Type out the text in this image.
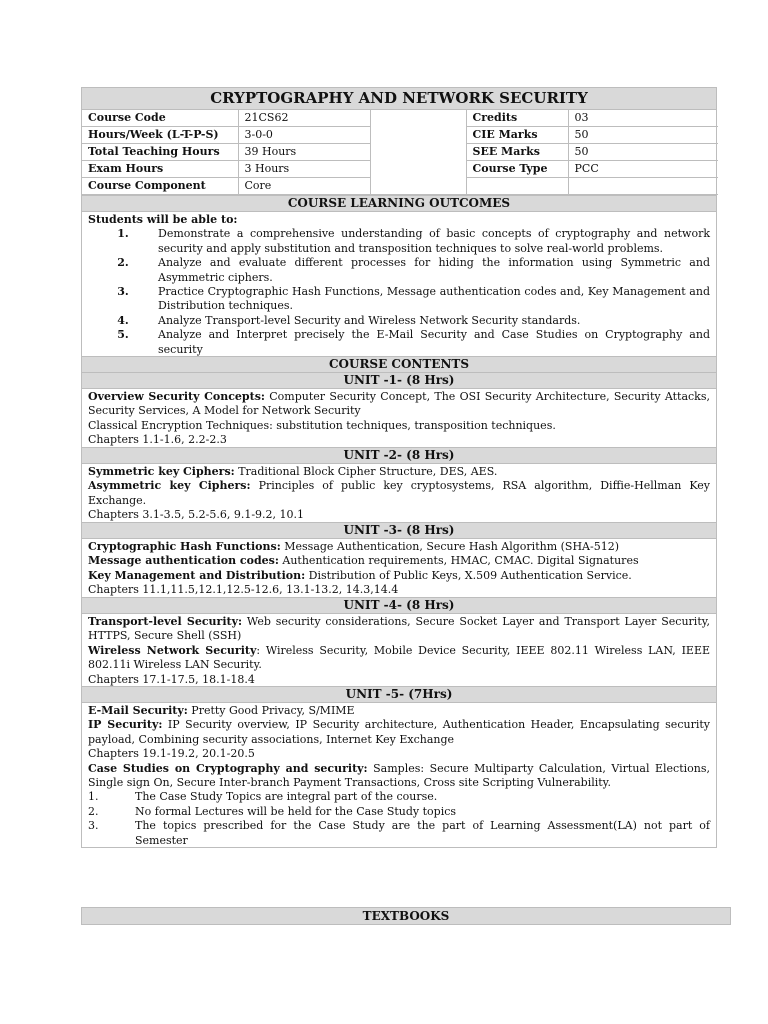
CRYPTOGRAPHY AND NETWORK SECURITY
Course Code	21CS62		Credits	03
Hours/Week (L-T-P-S)	3-0-0		CIE Marks	50
Total Teaching Hours	39 Hours		SEE Marks	50
Exam Hours	3 Hours		Course Type	PCC
Course Component	Core			
COURSE LEARNING OUTCOMES
Students will be able to:
1.	Demonstrate a comprehensive understanding of basic concepts of cryptography and network security and apply substitution and transposition techniques to solve real-world problems.
2.	Analyze and evaluate different processes for hiding the information using Symmetric and Asymmetric ciphers.
3.	Practice Cryptographic Hash Functions, Message authentication codes and, Key Management and Distribution techniques.
4.	Analyze Transport-level Security and Wireless Network Security standards.
5.	Analyze and Interpret precisely the E-Mail Security and Case Studies on Cryptography and security
COURSE CONTENTS
UNIT -1- (8 Hrs)
Overview Security Concepts: Computer Security Concept, The OSI Security Architecture, Security Attacks, Security Services, A Model for Network Security
Classical Encryption Techniques: substitution techniques, transposition techniques.
Chapters 1.1-1.6, 2.2-2.3
UNIT -2- (8 Hrs)
Symmetric key Ciphers: Traditional Block Cipher Structure, DES, AES.
Asymmetric key Ciphers: Principles of public key cryptosystems, RSA algorithm, Diffie-Hellman Key Exchange.
Chapters 3.1-3.5, 5.2-5.6, 9.1-9.2, 10.1
UNIT -3- (8 Hrs)
Cryptographic Hash Functions: Message Authentication, Secure Hash Algorithm (SHA-512)
Message authentication codes: Authentication requirements, HMAC, CMAC. Digital Signatures
Key Management and Distribution: Distribution of Public Keys, X.509 Authentication Service.
Chapters 11.1,11.5,12.1,12.5-12.6, 13.1-13.2, 14.3,14.4
UNIT -4- (8 Hrs)
Transport-level Security: Web security considerations, Secure Socket Layer and Transport Layer Security, HTTPS, Secure Shell (SSH)
Wireless Network Security: Wireless Security, Mobile Device Security, IEEE 802.11 Wireless LAN, IEEE 802.11i Wireless LAN Security.
Chapters 17.1-17.5, 18.1-18.4
UNIT -5- (7Hrs)
E-Mail Security: Pretty Good Privacy, S/MIME
IP Security: IP Security overview, IP Security architecture, Authentication Header, Encapsulating security payload, Combining security associations, Internet Key Exchange
Chapters 19.1-19.2, 20.1-20.5
Case Studies on Cryptography and security: Samples: Secure Multiparty Calculation, Virtual Elections, Single sign On, Secure Inter-branch Payment Transactions, Cross site Scripting Vulnerability.
1.	The Case Study Topics are integral part of the course.
2.	No formal Lectures will be held for the Case Study topics
3.	The topics prescribed for the Case Study are the part of Learning Assessment(LA) not part of Semester
TEXTBOOKS
